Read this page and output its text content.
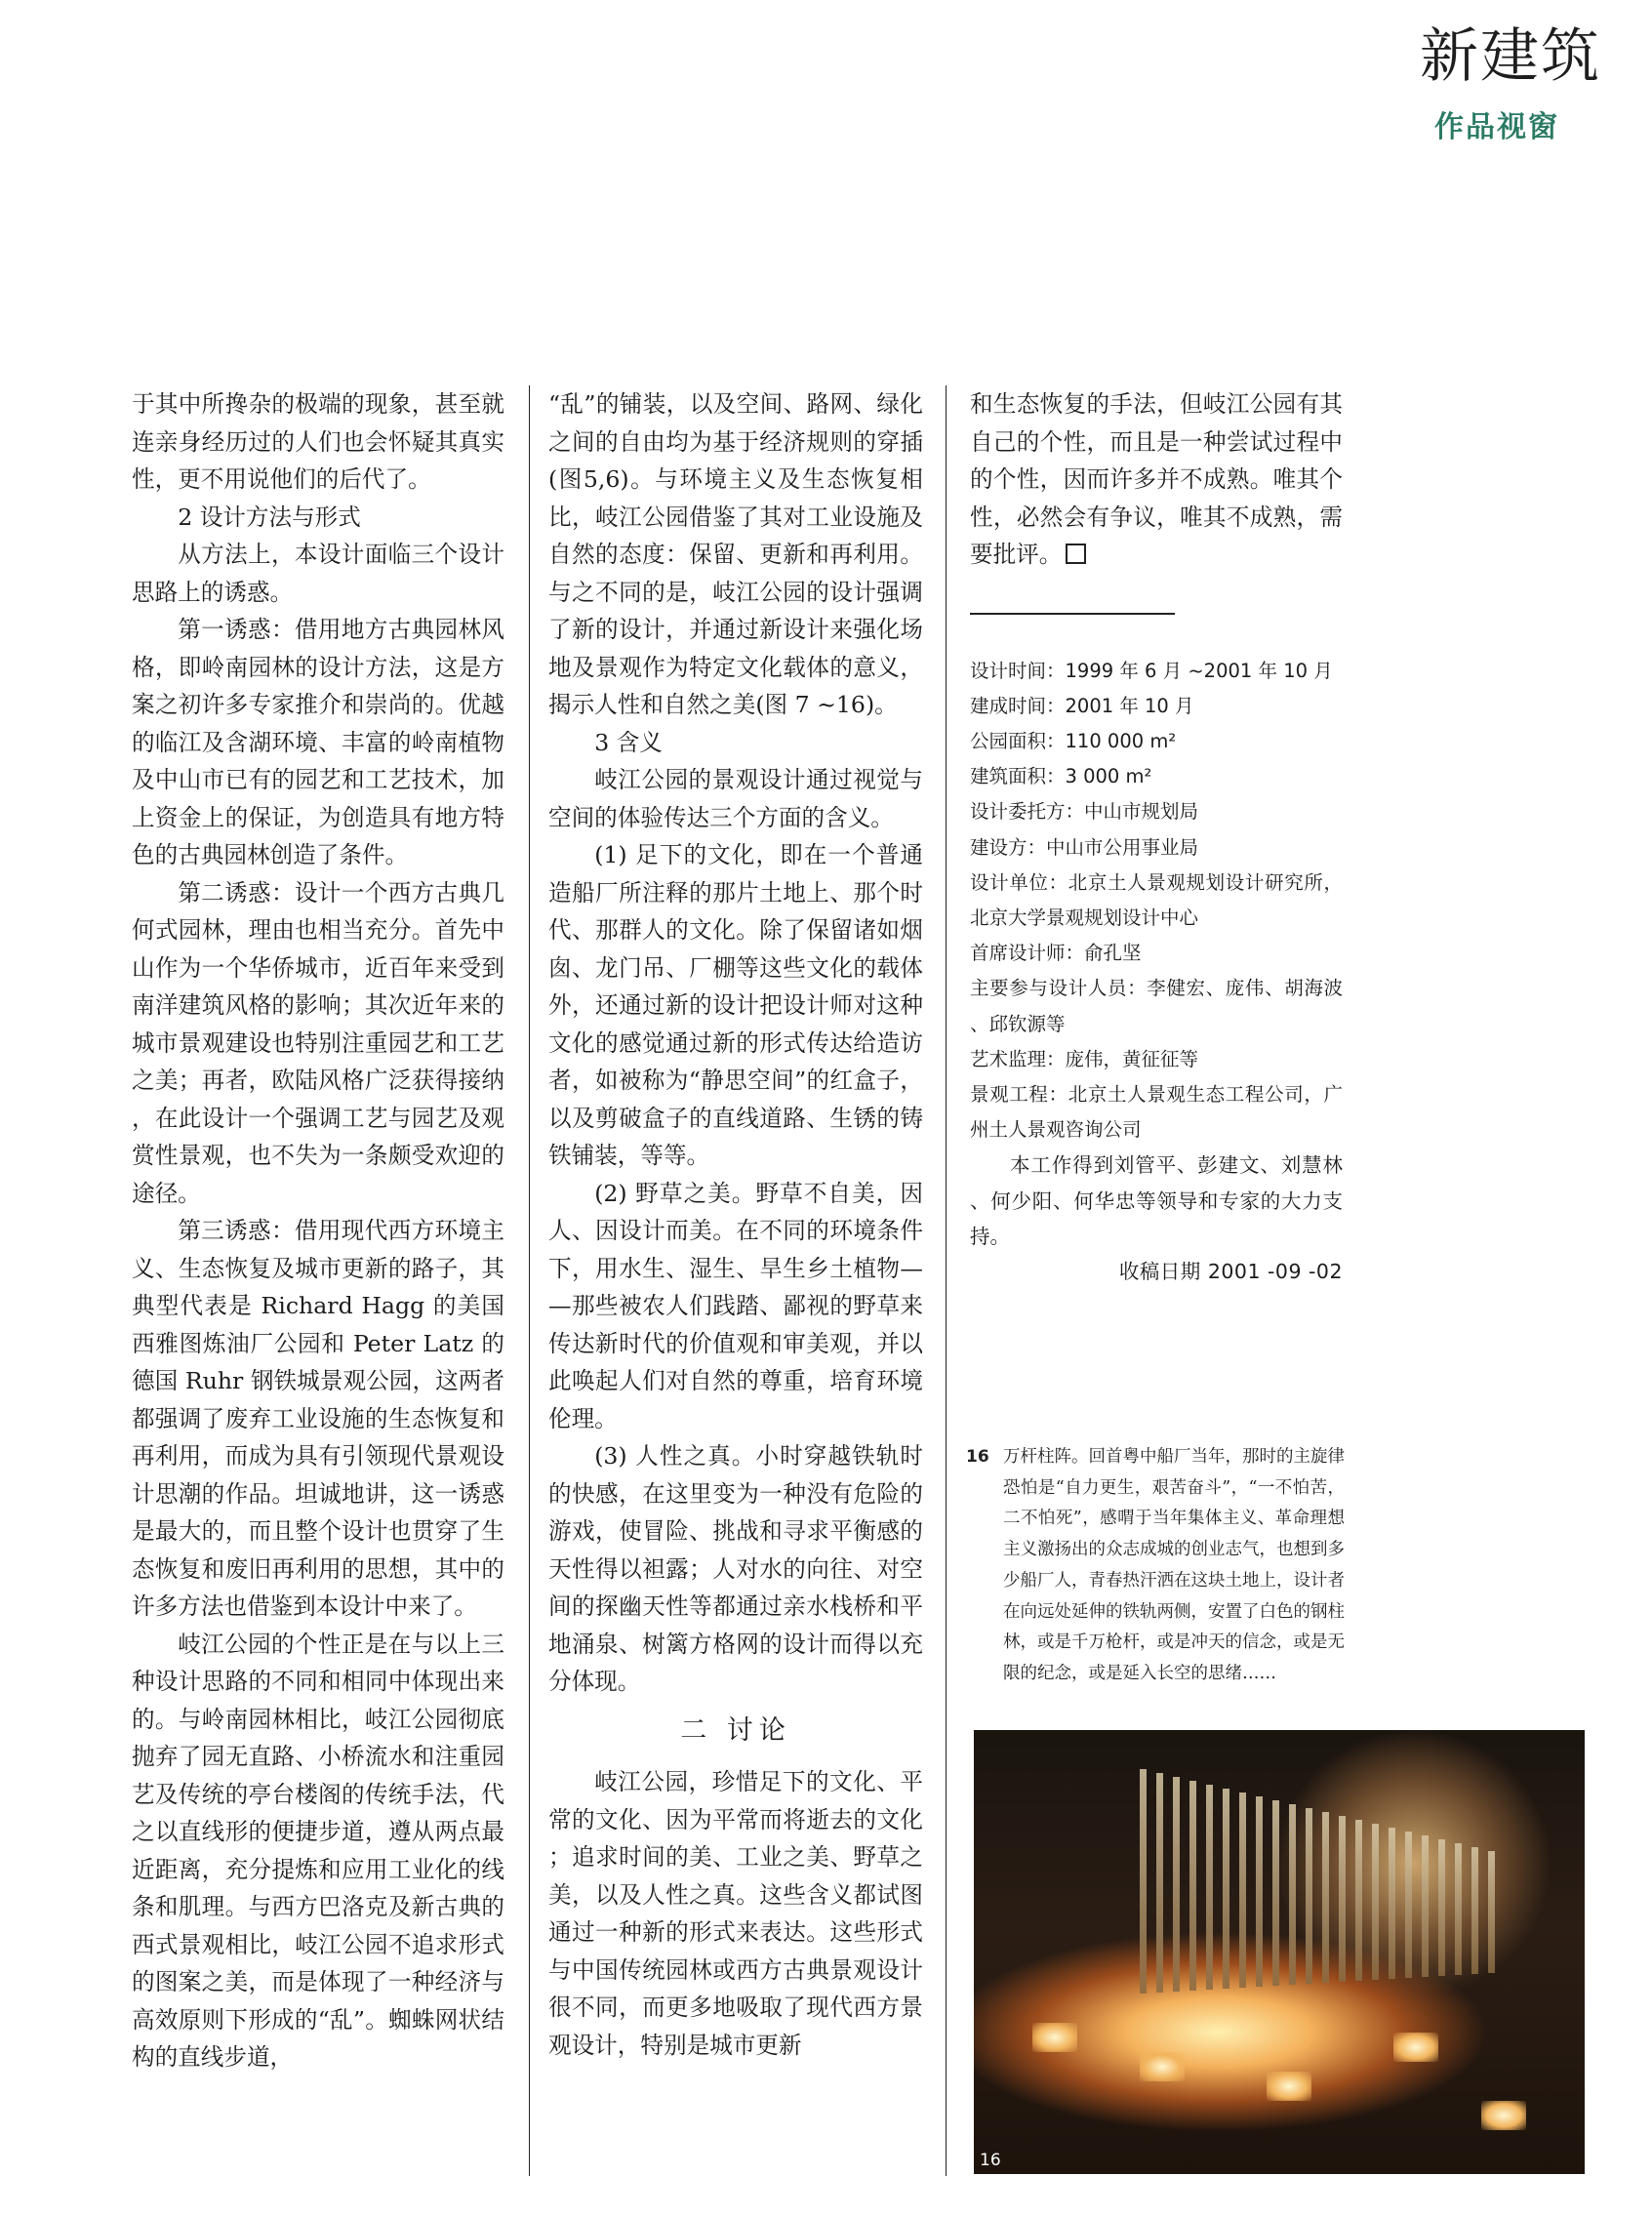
新建筑
作品视窗

于其中所搀杂的极端的现象，甚至就连亲身经历过的人们也会怀疑其真实性，更不用说他们的后代了。

2 设计方法与形式

从方法上，本设计面临三个设计思路上的诱惑。

第一诱惑：借用地方古典园林风格，即岭南园林的设计方法，这是方案之初许多专家推介和崇尚的。优越的临江及含湖环境、丰富的岭南植物及中山市已有的园艺和工艺技术，加上资金上的保证，为创造具有地方特色的古典园林创造了条件。

第二诱惑：设计一个西方古典几何式园林，理由也相当充分。首先中山作为一个华侨城市，近百年来受到南洋建筑风格的影响；其次近年来的城市景观建设也特别注重园艺和工艺之美；再者，欧陆风格广泛获得接纳，在此设计一个强调工艺与园艺及观赏性景观，也不失为一条颇受欢迎的途径。

第三诱惑：借用现代西方环境主义、生态恢复及城市更新的路子，其典型代表是 Richard Hagg 的美国西雅图炼油厂公园和 Peter Latz 的德国 Ruhr 钢铁城景观公园，这两者都强调了废弃工业设施的生态恢复和再利用，而成为具有引领现代景观设计思潮的作品。坦诚地讲，这一诱惑是最大的，而且整个设计也贯穿了生态恢复和废旧再利用的思想，其中的许多方法也借鉴到本设计中来了。

岐江公园的个性正是在与以上三种设计思路的不同和相同中体现出来的。与岭南园林相比，岐江公园彻底抛弃了园无直路、小桥流水和注重园艺及传统的亭台楼阁的传统手法，代之以直线形的便捷步道，遵从两点最近距离，充分提炼和应用工业化的线条和肌理。与西方巴洛克及新古典的西式景观相比，岐江公园不追求形式的图案之美，而是体现了一种经济与高效原则下形成的“乱”。蜘蛛网状结构的直线步道，

“乱”的铺装，以及空间、路网、绿化之间的自由均为基于经济规则的穿插(图5,6)。与环境主义及生态恢复相比，岐江公园借鉴了其对工业设施及自然的态度：保留、更新和再利用。与之不同的是，岐江公园的设计强调了新的设计，并通过新设计来强化场地及景观作为特定文化载体的意义，揭示人性和自然之美(图 7 ~16)。

3 含义

岐江公园的景观设计通过视觉与空间的体验传达三个方面的含义。

(1) 足下的文化，即在一个普通造船厂所注释的那片土地上、那个时代、那群人的文化。除了保留诸如烟囱、龙门吊、厂棚等这些文化的载体外，还通过新的设计把设计师对这种文化的感觉通过新的形式传达给造访者，如被称为“静思空间”的红盒子，以及剪破盒子的直线道路、生锈的铸铁铺装，等等。

(2) 野草之美。野草不自美，因人、因设计而美。在不同的环境条件下，用水生、湿生、旱生乡土植物——那些被农人们践踏、鄙视的野草来传达新时代的价值观和审美观，并以此唤起人们对自然的尊重，培育环境伦理。

(3) 人性之真。小时穿越铁轨时的快感，在这里变为一种没有危险的游戏，使冒险、挑战和寻求平衡感的天性得以袒露；人对水的向往、对空间的探幽天性等都通过亲水栈桥和平地涌泉、树篱方格网的设计而得以充分体现。

二 讨论

岐江公园，珍惜足下的文化、平常的文化、因为平常而将逝去的文化；追求时间的美、工业之美、野草之美，以及人性之真。这些含义都试图通过一种新的形式来表达。这些形式与中国传统园林或西方古典景观设计很不同，而更多地吸取了现代西方景观设计，特别是城市更新

和生态恢复的手法，但岐江公园有其自己的个性，而且是一种尝试过程中的个性，因而许多并不成熟。唯其个性，必然会有争议，唯其不成熟，需要批评。

设计时间：1999 年 6 月 ~2001 年 10 月
建成时间：2001 年 10 月
公园面积：110 000 m²
建筑面积：3 000 m²
设计委托方：中山市规划局
建设方：中山市公用事业局
设计单位：北京土人景观规划设计研究所，北京大学景观规划设计中心
首席设计师：俞孔坚
主要参与设计人员：李健宏、庞伟、胡海波、邱钦源等
艺术监理：庞伟，黄征征等
景观工程：北京土人景观生态工程公司，广州土人景观咨询公司
本工作得到刘管平、彭建文、刘慧林、何少阳、何华忠等领导和专家的大力支持。
收稿日期 2001 -09 -02
16 万杆柱阵。回首粤中船厂当年，那时的主旋律恐怕是“自力更生，艰苦奋斗”，“一不怕苦，二不怕死”，感喟于当年集体主义、革命理想主义激扬出的众志成城的创业志气，也想到多少船厂人，青春热汗洒在这块土地上，设计者在向远处延伸的铁轨两侧，安置了白色的钢柱林，或是千万枪杆，或是冲天的信念，或是无限的纪念，或是延入长空的思绪……
16
